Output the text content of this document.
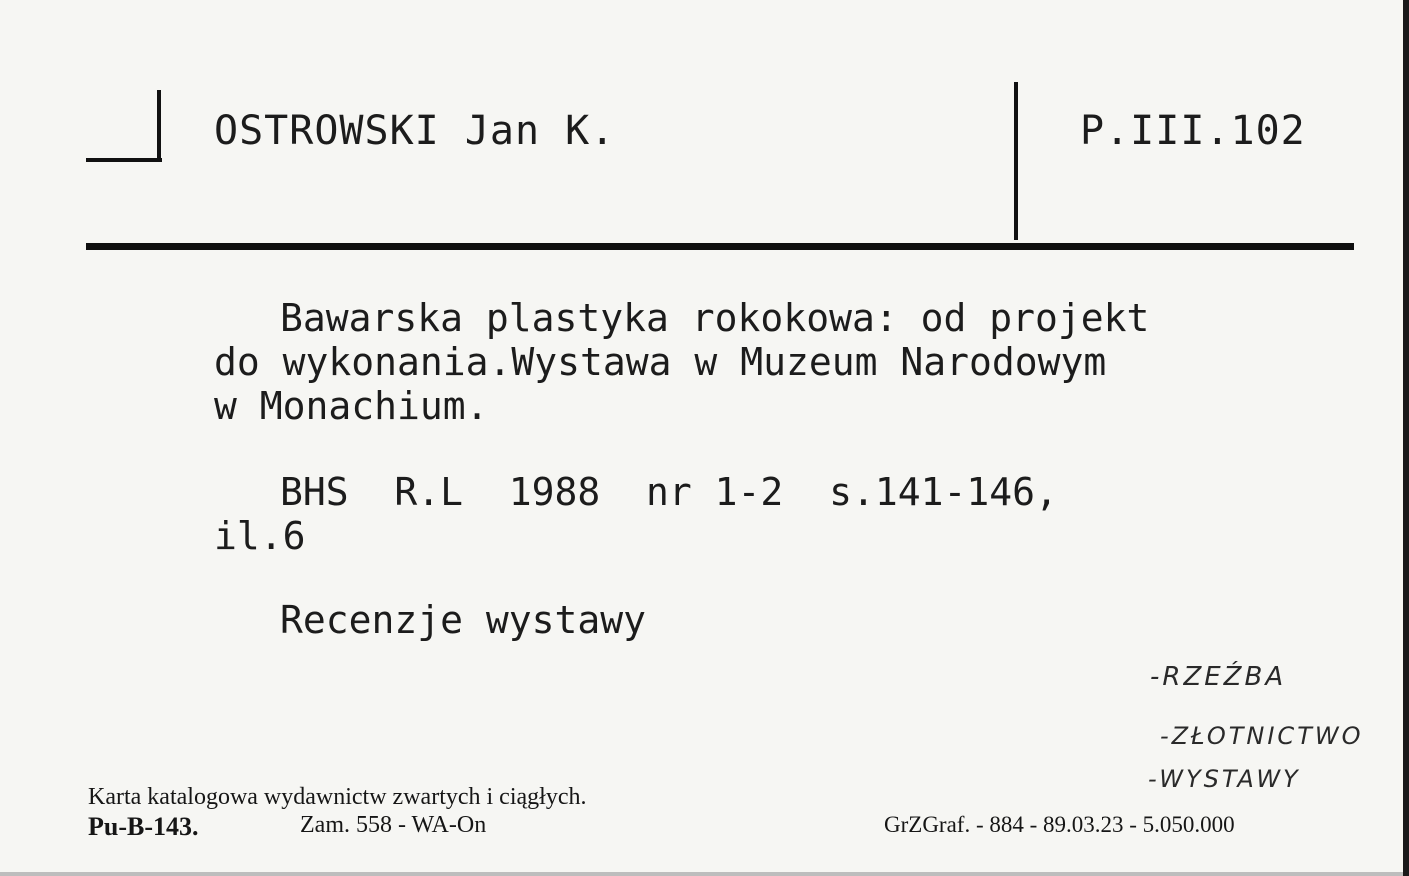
OSTROWSKI Jan K.	P.III.102
Bawarska plastyka rokokowa: od projekt
do wykonania.Wystawa w Muzeum Narodowym
w Monachium.
BHS  R.L  1988  nr 1-2  s.141-146,
il.6
Recenzje wystawy
-RZEŹBA
-ZŁOTNICTWO
-WYSTAWY
Karta katalogowa wydawnictw zwartych i ciągłych.
Pu-B-143.	Zam. 558 - WA-On	GrZGraf. - 884 - 89.03.23 - 5.050.000
